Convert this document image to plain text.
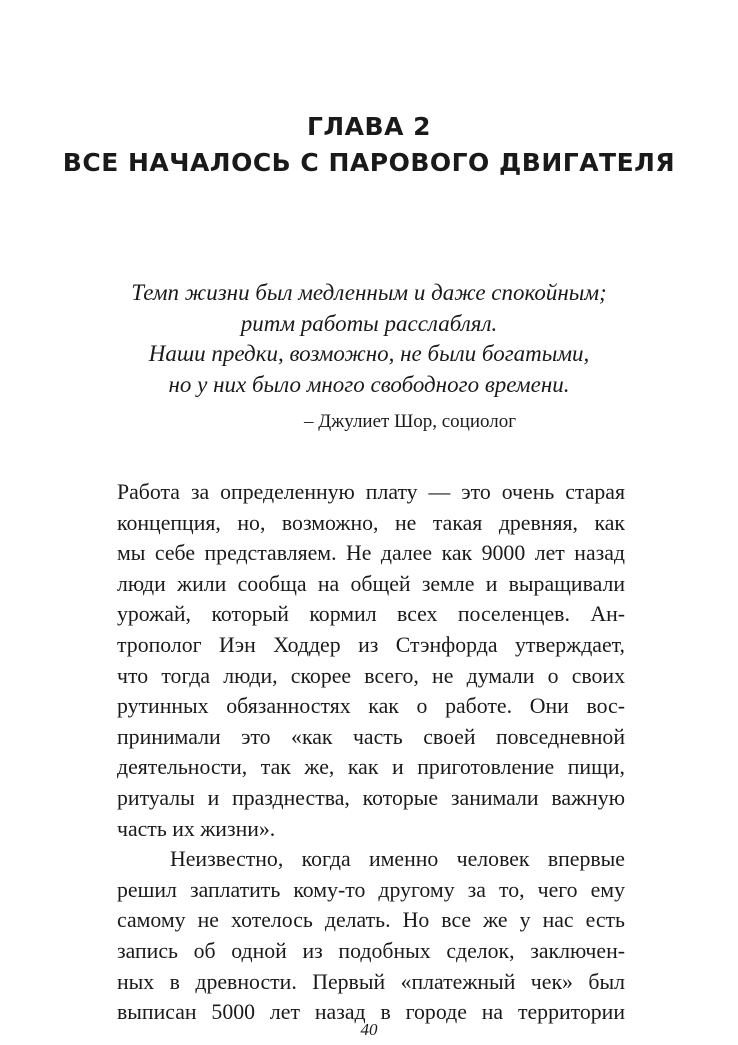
ГЛАВА 2
ВСЕ НАЧАЛОСЬ С ПАРОВОГО ДВИГАТЕЛЯ
Темп жизни был медленным и даже спокойным;
ритм работы расслаблял.
Наши предки, возможно, не были богатыми,
но у них было много свободного времени.
– Джулиет Шор, социолог
Работа за определенную плату — это очень старая
концепция, но, возможно, не такая древняя, как
мы себе представляем. Не далее как 9000 лет назад
люди жили сообща на общей земле и выращивали
урожай, который кормил всех поселенцев. Ан-
трополог Иэн Ходдер из Стэнфорда утверждает,
что тогда люди, скорее всего, не думали о своих
рутинных обязанностях как о работе. Они вос-
принимали это «как часть своей повседневной
деятельности, так же, как и приготовление пищи,
ритуалы и празднества, которые занимали важную
часть их жизни».
Неизвестно, когда именно человек впервые
решил заплатить кому-то другому за то, чего ему
самому не хотелось делать. Но все же у нас есть
запись об одной из подобных сделок, заключен-
ных в древности. Первый «платежный чек» был
выписан 5000 лет назад в городе на территории
40
